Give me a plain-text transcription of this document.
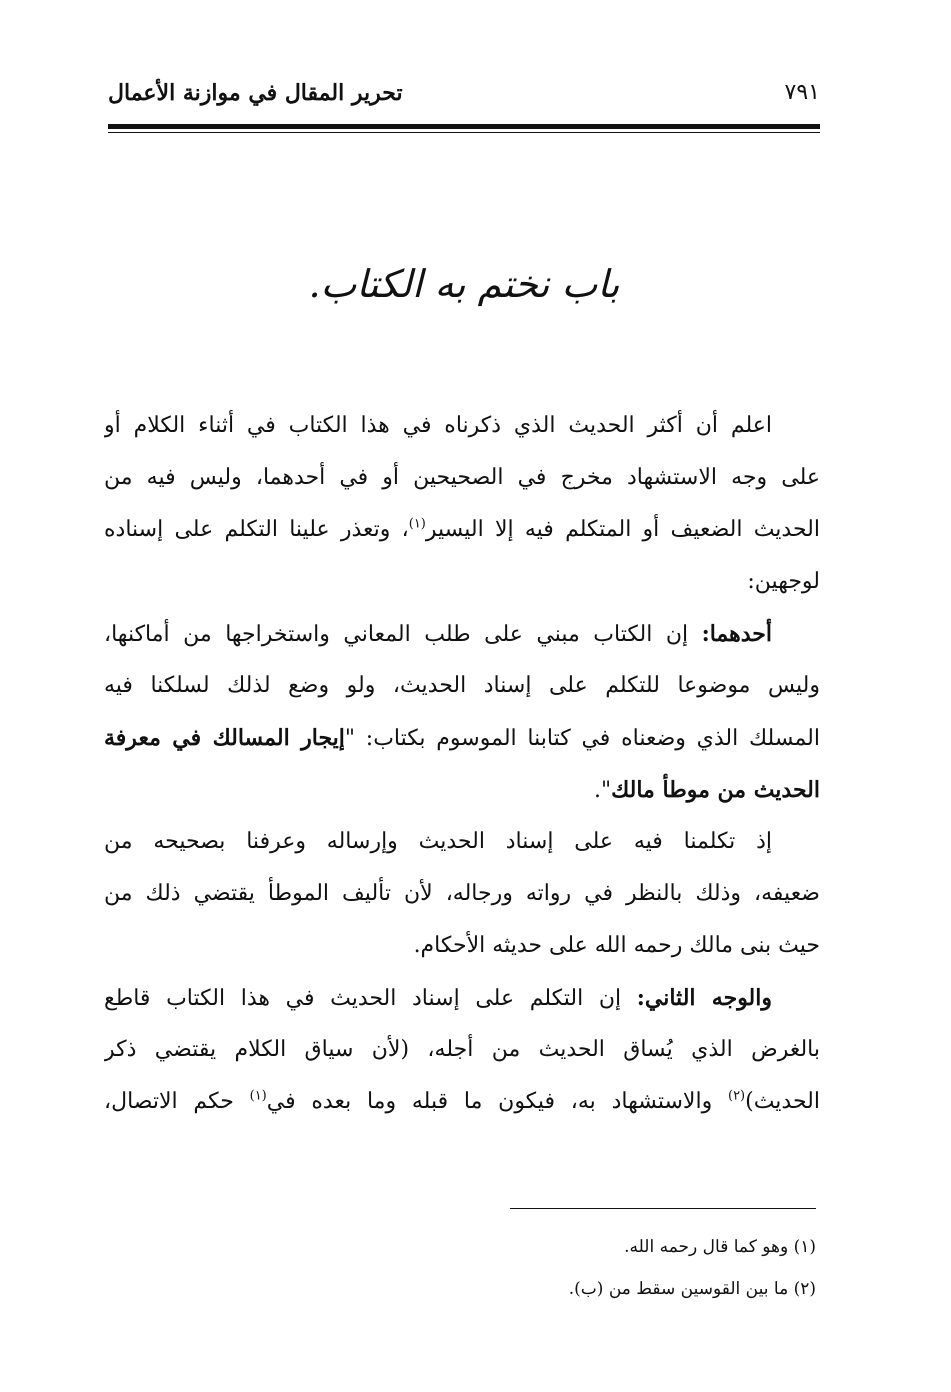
تحرير المقال في موازنة الأعمال	٧٩١
باب نختم به الكتاب.
اعلم أن أكثر الحديث الذي ذكرناه في هذا الكتاب في أثناء الكلام أو
على وجه الاستشهاد مخرج في الصحيحين أو في أحدهما، وليس فيه من
الحديث الضعيف أو المتكلم فيه إلا اليسير$^{(١)}$، وتعذر علينا التكلم على إسناده
لوجهين:
أحدهما: إن الكتاب مبني على طلب المعاني واستخراجها من أماكنها،
وليس موضوعا للتكلم على إسناد الحديث، ولو وضع لذلك لسلكنا فيه
المسلك الذي وضعناه في كتابنا الموسوم بكتاب: "إيجار المسالك في معرفة
الحديث من موطأ مالك".
إذ تكلمنا فيه على إسناد الحديث وإرساله وعرفنا بصحيحه من
ضعيفه، وذلك بالنظر في رواته ورجاله، لأن تأليف الموطأ يقتضي ذلك من
حيث بنى مالك رحمه الله على حديثه الأحكام.
والوجه الثاني: إن التكلم على إسناد الحديث في هذا الكتاب قاطع
بالغرض الذي يُساق الحديث من أجله، (لأن سياق الكلام يقتضي ذكر
الحديث)$^{(٢)}$ والاستشهاد به، فيكون ما قبله وما بعده في$^{(١)}$ حكم الاتصال،
(١) وهو كما قال رحمه الله.
(٢) ما بين القوسين سقط من (ب).
